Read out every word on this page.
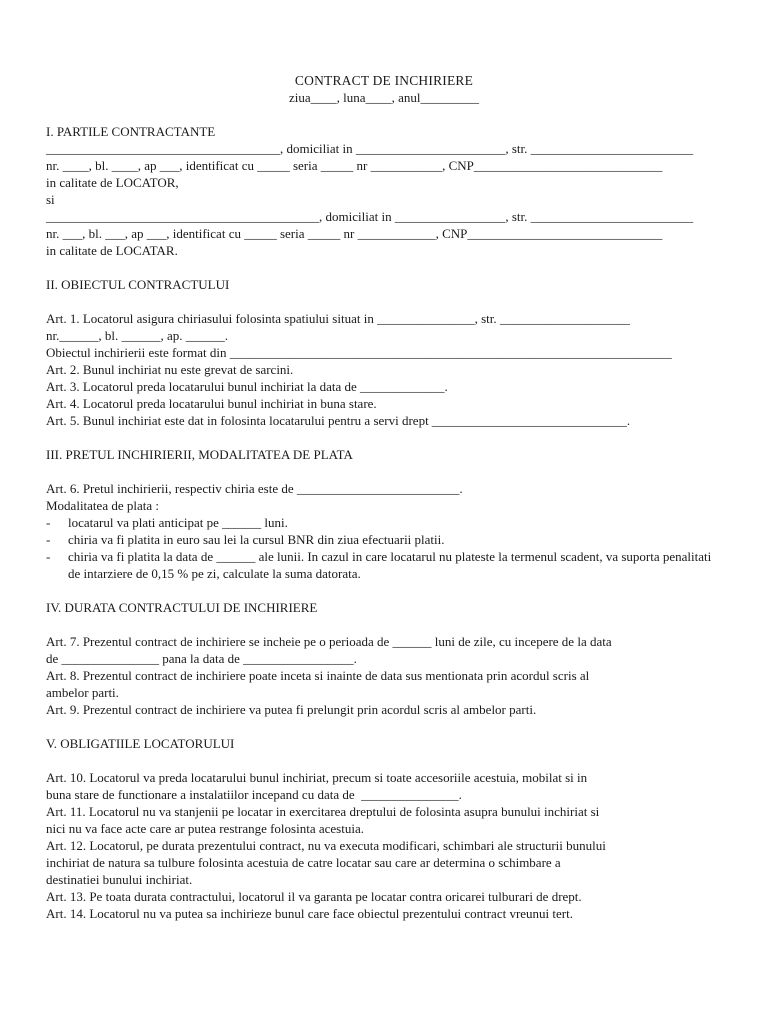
CONTRACT DE INCHIRIERE
ziua____, luna____, anul_________
I. PARTILE CONTRACTANTE
____________________________________, domiciliat in _______________________, str. _________________________
nr. ____, bl. ____, ap ___, identificat cu _____ seria _____ nr ___________, CNP_____________________________
in calitate de LOCATOR,
si
__________________________________________, domiciliat in _________________, str. _________________________
nr. ___, bl. ___, ap ___, identificat cu _____ seria _____ nr ____________, CNP______________________________
in calitate de LOCATAR.
II. OBIECTUL CONTRACTULUI
Art. 1. Locatorul asigura chiriasului folosinta spatiului situat in _______________, str. ____________________
nr.______, bl. ______, ap. ______.
Obiectul inchirierii este format din ____________________________________________________________________
Art. 2. Bunul inchiriat nu este grevat de sarcini.
Art. 3. Locatorul preda locatarului bunul inchiriat la data de _____________.
Art. 4. Locatorul preda locatarului bunul inchiriat in buna stare.
Art. 5. Bunul inchiriat este dat in folosinta locatarului pentru a servi drept ______________________________.
III. PRETUL INCHIRIERII, MODALITATEA DE PLATA
Art. 6. Pretul inchirierii, respectiv chiria este de _________________________.
Modalitatea de plata :
- locatarul va plati anticipat pe ______ luni.
- chiria va fi platita in euro sau lei la cursul BNR din ziua efectuarii platii.
- chiria va fi platita la data de ______ ale lunii. In cazul in care locatarul nu plateste la termenul scadent, va suporta penalitati de intarziere de 0,15 % pe zi, calculate la suma datorata.
IV. DURATA CONTRACTULUI DE INCHIRIERE
Art. 7. Prezentul contract de inchiriere se incheie pe o perioada de ______ luni de zile, cu incepere de la data
de _______________ pana la data de _________________.
Art. 8. Prezentul contract de inchiriere poate inceta si inainte de data sus mentionata prin acordul scris al
ambelor parti.
Art. 9. Prezentul contract de inchiriere va putea fi prelungit prin acordul scris al ambelor parti.
V. OBLIGATIILE LOCATORULUI
Art. 10. Locatorul va preda locatarului bunul inchiriat, precum si toate accesoriile acestuia, mobilat si in
buna stare de functionare a instalatiilor incepand cu data de  _______________.
Art. 11. Locatorul nu va stanjenii pe locatar in exercitarea dreptului de folosinta asupra bunului inchiriat si
nici nu va face acte care ar putea restrange folosinta acestuia.
Art. 12. Locatorul, pe durata prezentului contract, nu va executa modificari, schimbari ale structurii bunului
inchiriat de natura sa tulbure folosinta acestuia de catre locatar sau care ar determina o schimbare a
destinatiei bunului inchiriat.
Art. 13. Pe toata durata contractului, locatorul il va garanta pe locatar contra oricarei tulburari de drept.
Art. 14. Locatorul nu va putea sa inchirieze bunul care face obiectul prezentului contract vreunui tert.
